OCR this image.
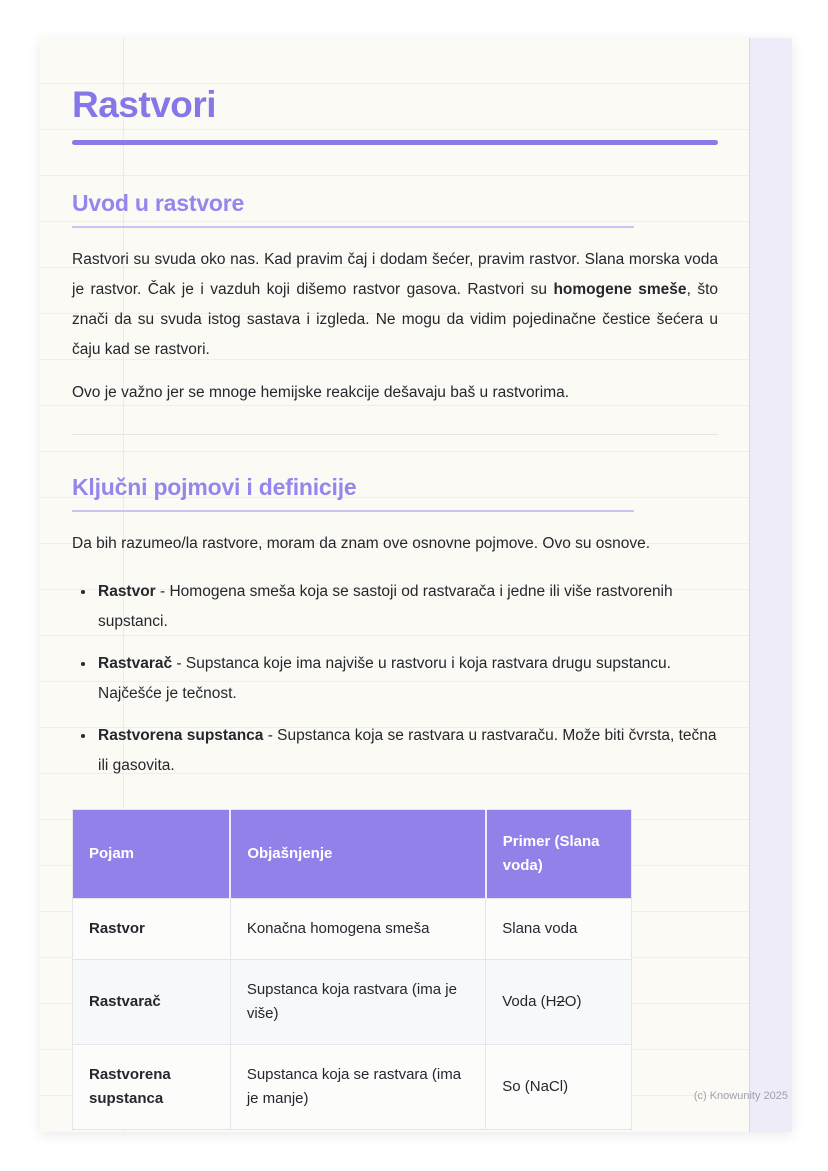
Rastvori
Uvod u rastvore

Rastvori su svuda oko nas. Kad pravim čaj i dodam šećer, pravim rastvor. Slana morska voda je rastvor. Čak je i vazduh koji dišemo rastvor gasova. Rastvori su homogene smeše, što znači da su svuda istog sastava i izgleda. Ne mogu da vidim pojedinačne čestice šećera u čaju kad se rastvori.

Ovo je važno jer se mnoge hemijske reakcije dešavaju baš u rastvorima.

Ključni pojmovi i definicije

Da bih razumeo/la rastvore, moram da znam ove osnovne pojmove. Ovo su osnove.

• Rastvor - Homogena smeša koja se sastoji od rastvarača i jedne ili više rastvorenih supstanci.
• Rastvarač - Supstanca koje ima najviše u rastvoru i koja rastvara drugu supstancu. Najčešće je tečnost.
• Rastvorena supstanca - Supstanca koja se rastvara u rastvaraču. Može biti čvrsta, tečna ili gasovita.
Pojam	Objašnjenje	Primer (Slana voda)
Rastvor	Konačna homogena smeša	Slana voda
Rastvarač	Supstanca koja rastvara (ima je više)	Voda (H2O)
Rastvorena supstanca	Supstanca koja se rastvara (ima je manje)	So (NaCl)
(c) Knowunity 2025
